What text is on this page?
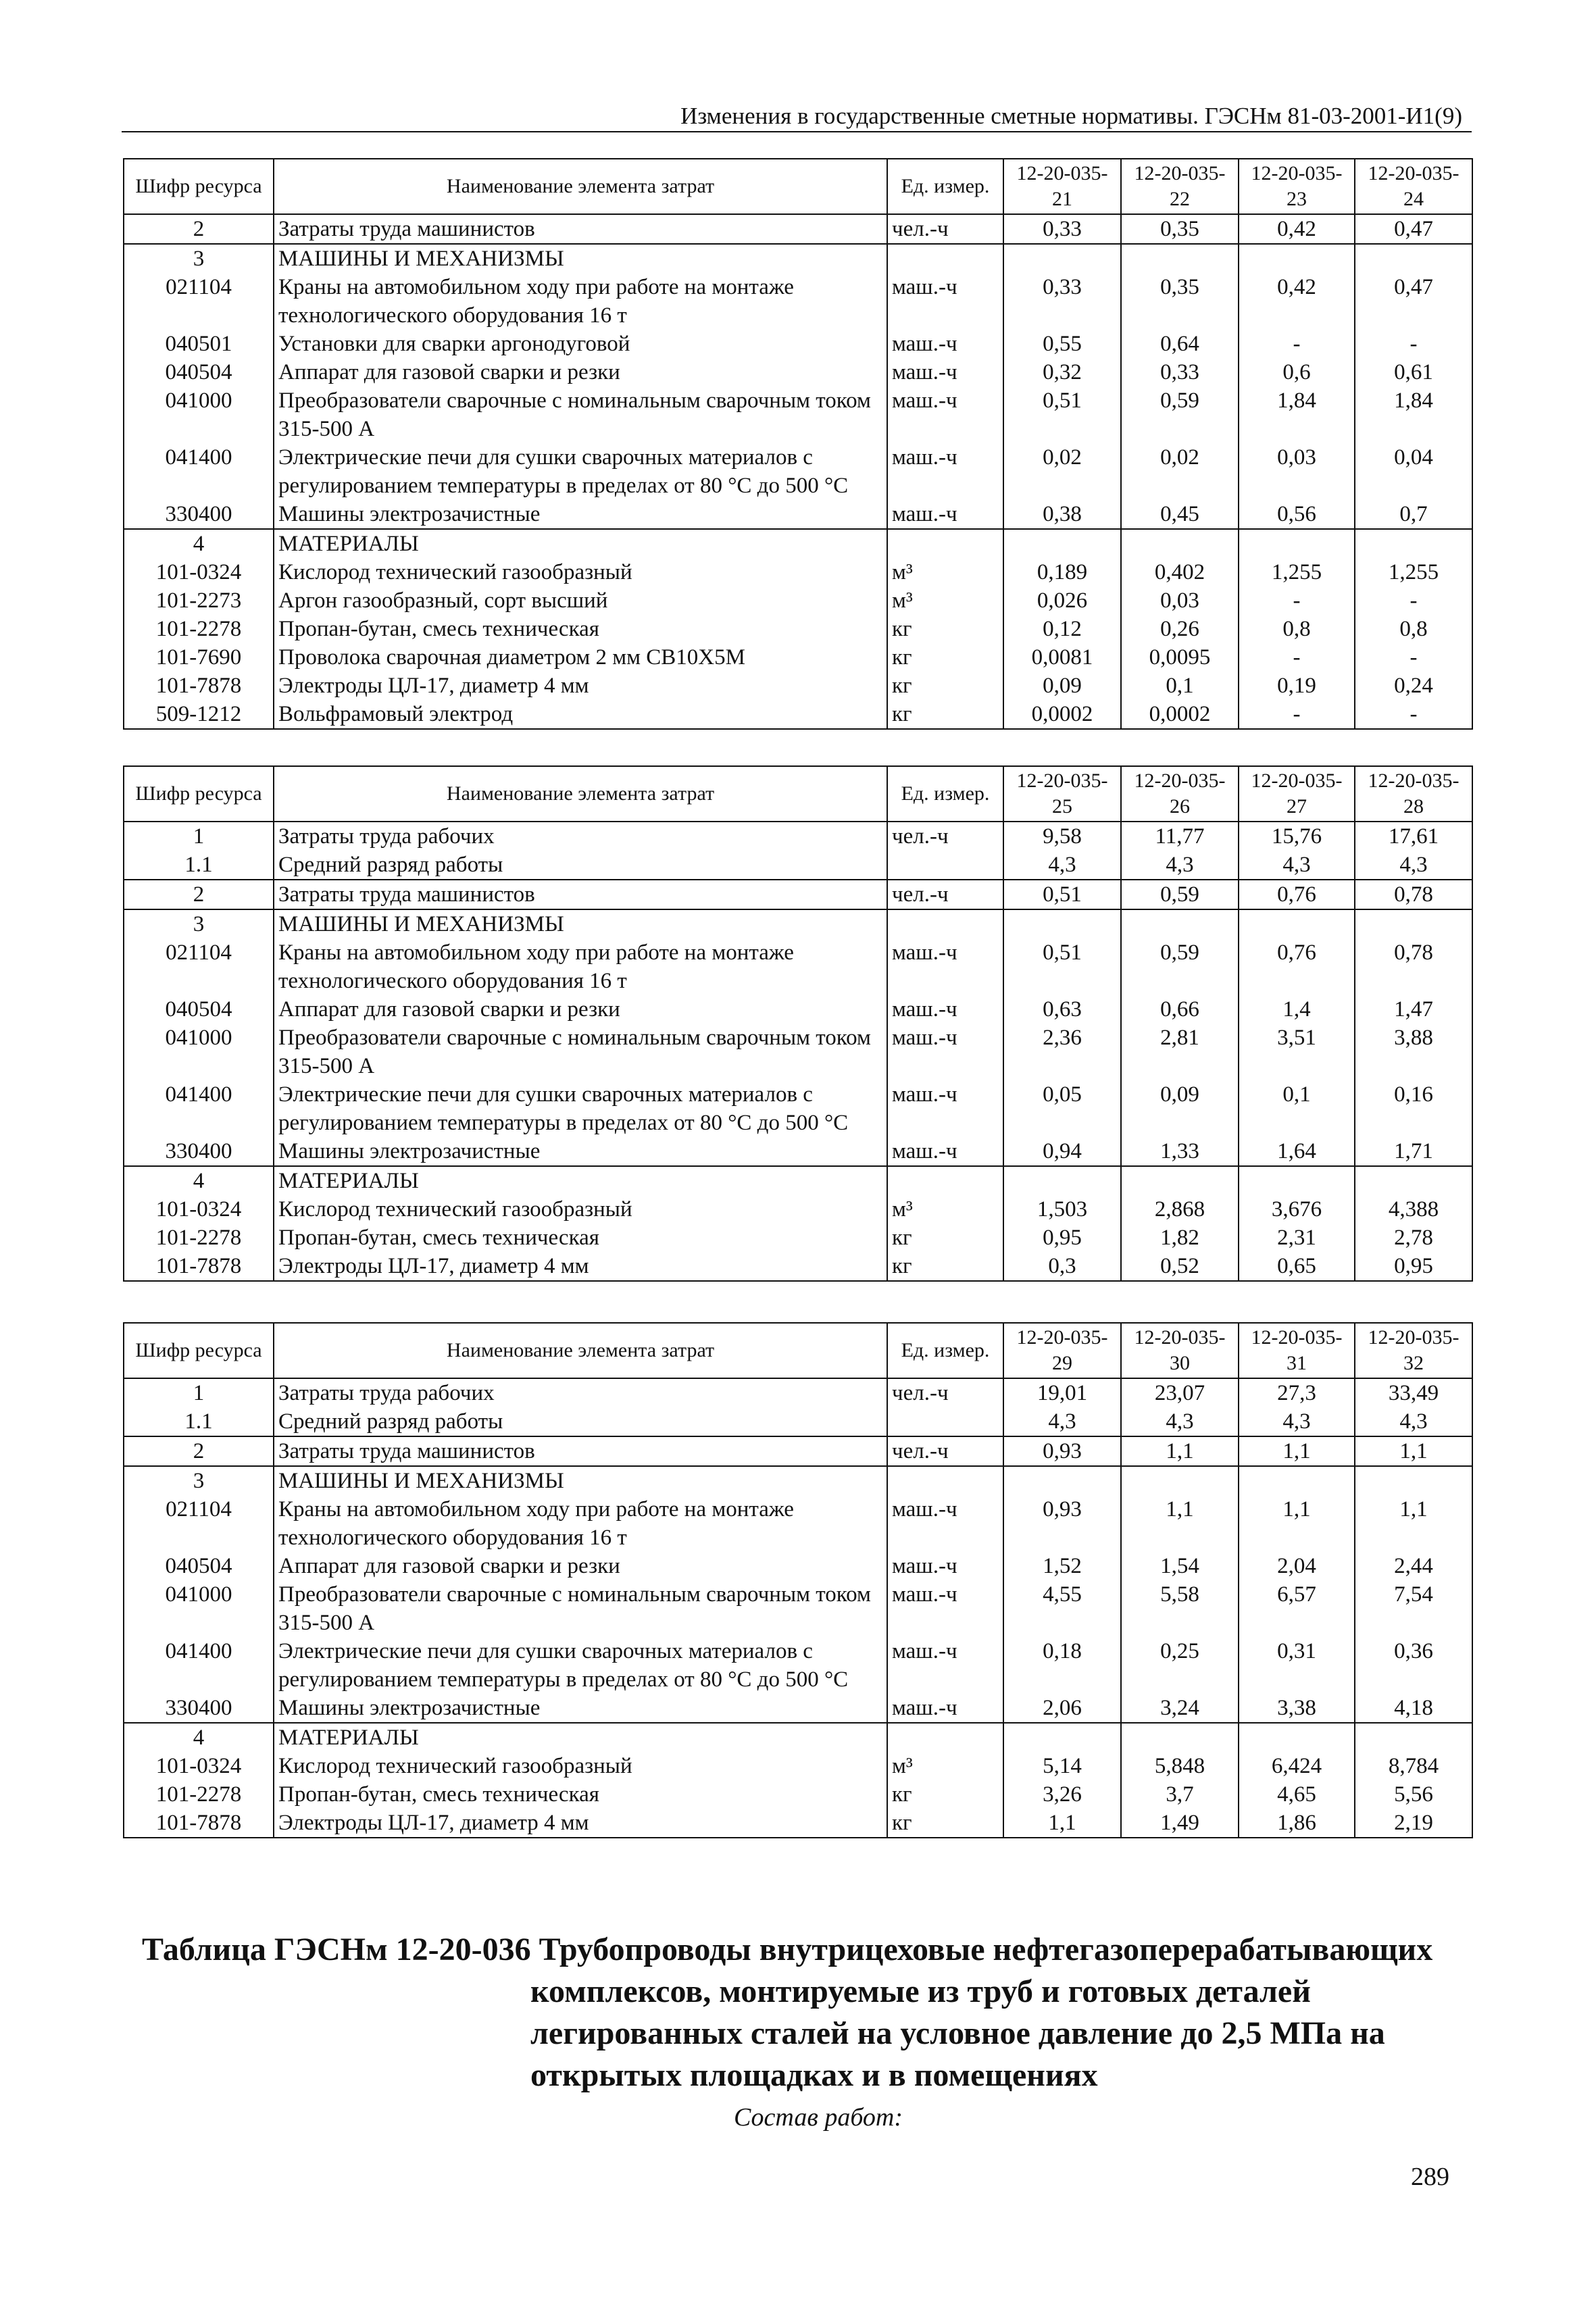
Изменения в государственные сметные нормативы. ГЭСНм 81-03-2001-И1(9)
Шифр ресурса	Наименование элемента затрат	Ед. измер.	12-20-035-21	12-20-035-22	12-20-035-23	12-20-035-24
2	Затраты труда машинистов	чел.-ч	0,33	0,35	0,42	0,47
3	МАШИНЫ И МЕХАНИЗМЫ					
021104	Краны на автомобильном ходу при работе на монтаже технологического оборудования 16 т	маш.-ч	0,33	0,35	0,42	0,47
040501	Установки для сварки аргонодуговой	маш.-ч	0,55	0,64	-	-
040504	Аппарат для газовой сварки и резки	маш.-ч	0,32	0,33	0,6	0,61
041000	Преобразователи сварочные с номинальным сварочным током 315-500 А	маш.-ч	0,51	0,59	1,84	1,84
041400	Электрические печи для сушки сварочных материалов с регулированием температуры в пределах от 80 °С до 500 °С	маш.-ч	0,02	0,02	0,03	0,04
330400	Машины электрозачистные	маш.-ч	0,38	0,45	0,56	0,7
4	МАТЕРИАЛЫ					
101-0324	Кислород технический газообразный	м³	0,189	0,402	1,255	1,255
101-2273	Аргон газообразный, сорт высший	м³	0,026	0,03	-	-
101-2278	Пропан-бутан, смесь техническая	кг	0,12	0,26	0,8	0,8
101-7690	Проволока сварочная диаметром 2 мм СВ10Х5М	кг	0,0081	0,0095	-	-
101-7878	Электроды ЦЛ-17, диаметр 4 мм	кг	0,09	0,1	0,19	0,24
509-1212	Вольфрамовый электрод	кг	0,0002	0,0002	-	-
Шифр ресурса	Наименование элемента затрат	Ед. измер.	12-20-035-25	12-20-035-26	12-20-035-27	12-20-035-28
1	Затраты труда рабочих	чел.-ч	9,58	11,77	15,76	17,61
1.1	Средний разряд работы		4,3	4,3	4,3	4,3
2	Затраты труда машинистов	чел.-ч	0,51	0,59	0,76	0,78
3	МАШИНЫ И МЕХАНИЗМЫ					
021104	Краны на автомобильном ходу при работе на монтаже технологического оборудования 16 т	маш.-ч	0,51	0,59	0,76	0,78
040504	Аппарат для газовой сварки и резки	маш.-ч	0,63	0,66	1,4	1,47
041000	Преобразователи сварочные с номинальным сварочным током 315-500 А	маш.-ч	2,36	2,81	3,51	3,88
041400	Электрические печи для сушки сварочных материалов с регулированием температуры в пределах от 80 °С до 500 °С	маш.-ч	0,05	0,09	0,1	0,16
330400	Машины электрозачистные	маш.-ч	0,94	1,33	1,64	1,71
4	МАТЕРИАЛЫ					
101-0324	Кислород технический газообразный	м³	1,503	2,868	3,676	4,388
101-2278	Пропан-бутан, смесь техническая	кг	0,95	1,82	2,31	2,78
101-7878	Электроды ЦЛ-17, диаметр 4 мм	кг	0,3	0,52	0,65	0,95
Шифр ресурса	Наименование элемента затрат	Ед. измер.	12-20-035-29	12-20-035-30	12-20-035-31	12-20-035-32
1	Затраты труда рабочих	чел.-ч	19,01	23,07	27,3	33,49
1.1	Средний разряд работы		4,3	4,3	4,3	4,3
2	Затраты труда машинистов	чел.-ч	0,93	1,1	1,1	1,1
3	МАШИНЫ И МЕХАНИЗМЫ					
021104	Краны на автомобильном ходу при работе на монтаже технологического оборудования 16 т	маш.-ч	0,93	1,1	1,1	1,1
040504	Аппарат для газовой сварки и резки	маш.-ч	1,52	1,54	2,04	2,44
041000	Преобразователи сварочные с номинальным сварочным током 315-500 А	маш.-ч	4,55	5,58	6,57	7,54
041400	Электрические печи для сушки сварочных материалов с регулированием температуры в пределах от 80 °С до 500 °С	маш.-ч	0,18	0,25	0,31	0,36
330400	Машины электрозачистные	маш.-ч	2,06	3,24	3,38	4,18
4	МАТЕРИАЛЫ					
101-0324	Кислород технический газообразный	м³	5,14	5,848	6,424	8,784
101-2278	Пропан-бутан, смесь техническая	кг	3,26	3,7	4,65	5,56
101-7878	Электроды ЦЛ-17, диаметр 4 мм	кг	1,1	1,49	1,86	2,19
Таблица ГЭСНм 12-20-036 Трубопроводы внутрицеховые нефтегазоперерабатывающих
комплексов, монтируемые из труб и готовых деталей легированных сталей на условное давление до 2,5 МПа на открытых площадках и в помещениях
Состав работ:
289
